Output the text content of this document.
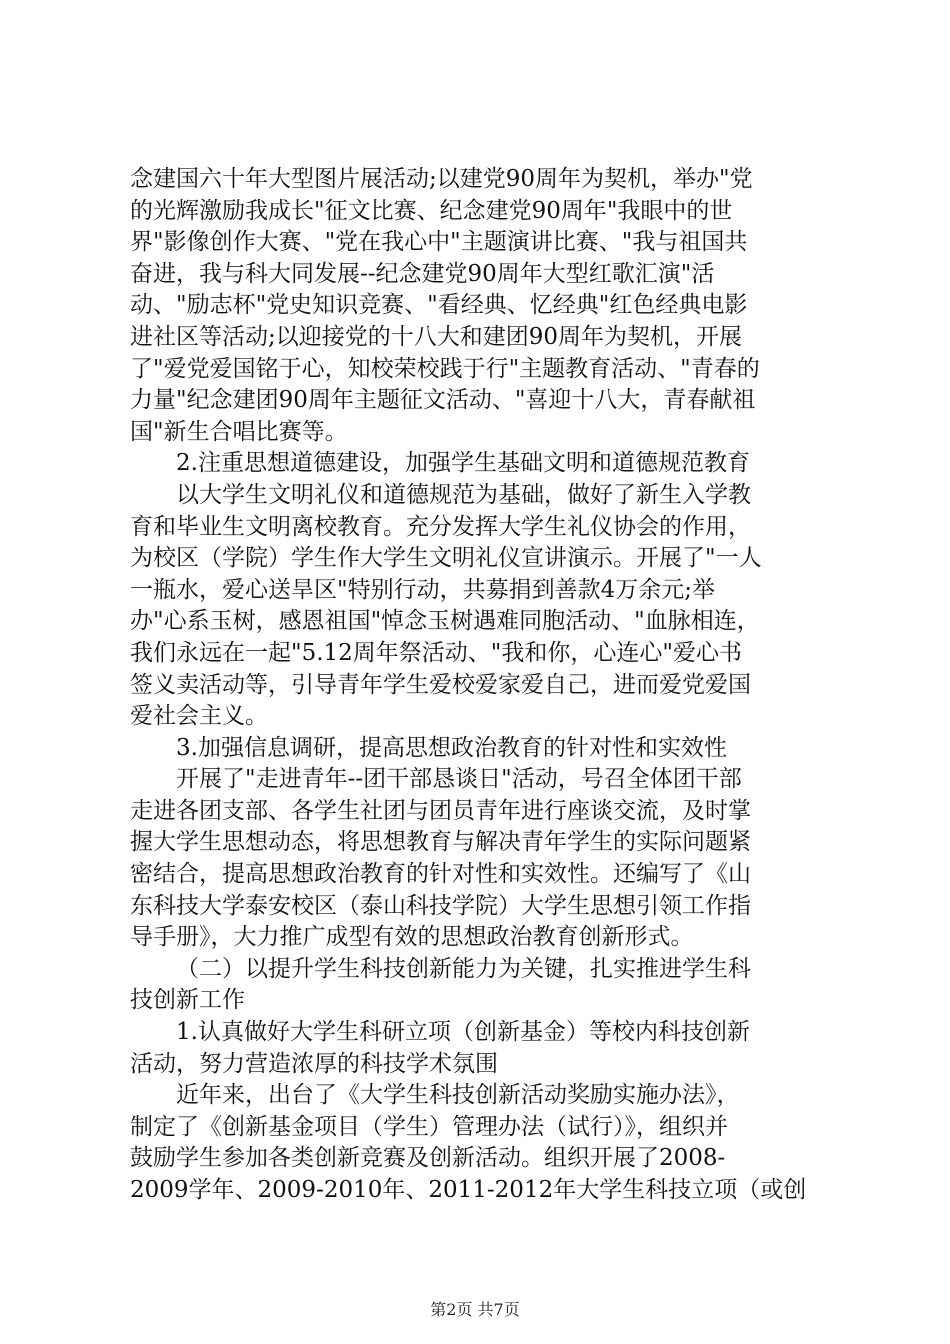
念建国六十年大型图片展活动;以建党90周年为契机，举办"党
的光辉激励我成长"征文比赛、纪念建党90周年"我眼中的世
界"影像创作大赛、"党在我心中"主题演讲比赛、"我与祖国共
奋进，我与科大同发展--纪念建党90周年大型红歌汇演"活
动、"励志杯"党史知识竞赛、"看经典、忆经典"红色经典电影
进社区等活动;以迎接党的十八大和建团90周年为契机，开展
了"爱党爱国铭于心，知校荣校践于行"主题教育活动、"青春的
力量"纪念建团90周年主题征文活动、"喜迎十八大，青春献祖
国"新生合唱比赛等。
2.注重思想道德建设，加强学生基础文明和道德规范教育
以大学生文明礼仪和道德规范为基础，做好了新生入学教
育和毕业生文明离校教育。充分发挥大学生礼仪协会的作用，
为校区（学院）学生作大学生文明礼仪宣讲演示。开展了"一人
一瓶水，爱心送旱区"特别行动，共募捐到善款4万余元;举
办"心系玉树，感恩祖国"悼念玉树遇难同胞活动、"血脉相连，
我们永远在一起"5.12周年祭活动、"我和你，心连心"爱心书
签义卖活动等，引导青年学生爱校爱家爱自己，进而爱党爱国
爱社会主义。
3.加强信息调研，提高思想政治教育的针对性和实效性
开展了"走进青年--团干部恳谈日"活动，号召全体团干部
走进各团支部、各学生社团与团员青年进行座谈交流，及时掌
握大学生思想动态，将思想教育与解决青年学生的实际问题紧
密结合，提高思想政治教育的针对性和实效性。还编写了《山
东科技大学泰安校区（泰山科技学院）大学生思想引领工作指
导手册》，大力推广成型有效的思想政治教育创新形式。
（二）以提升学生科技创新能力为关键，扎实推进学生科
技创新工作
1.认真做好大学生科研立项（创新基金）等校内科技创新
活动，努力营造浓厚的科技学术氛围
近年来，出台了《大学生科技创新活动奖励实施办法》，
制定了《创新基金项目（学生）管理办法（试行）》，组织并
鼓励学生参加各类创新竞赛及创新活动。组织开展了2008-
2009学年、2009-2010年、2011-2012年大学生科技立项（或创
第2页 共7页
